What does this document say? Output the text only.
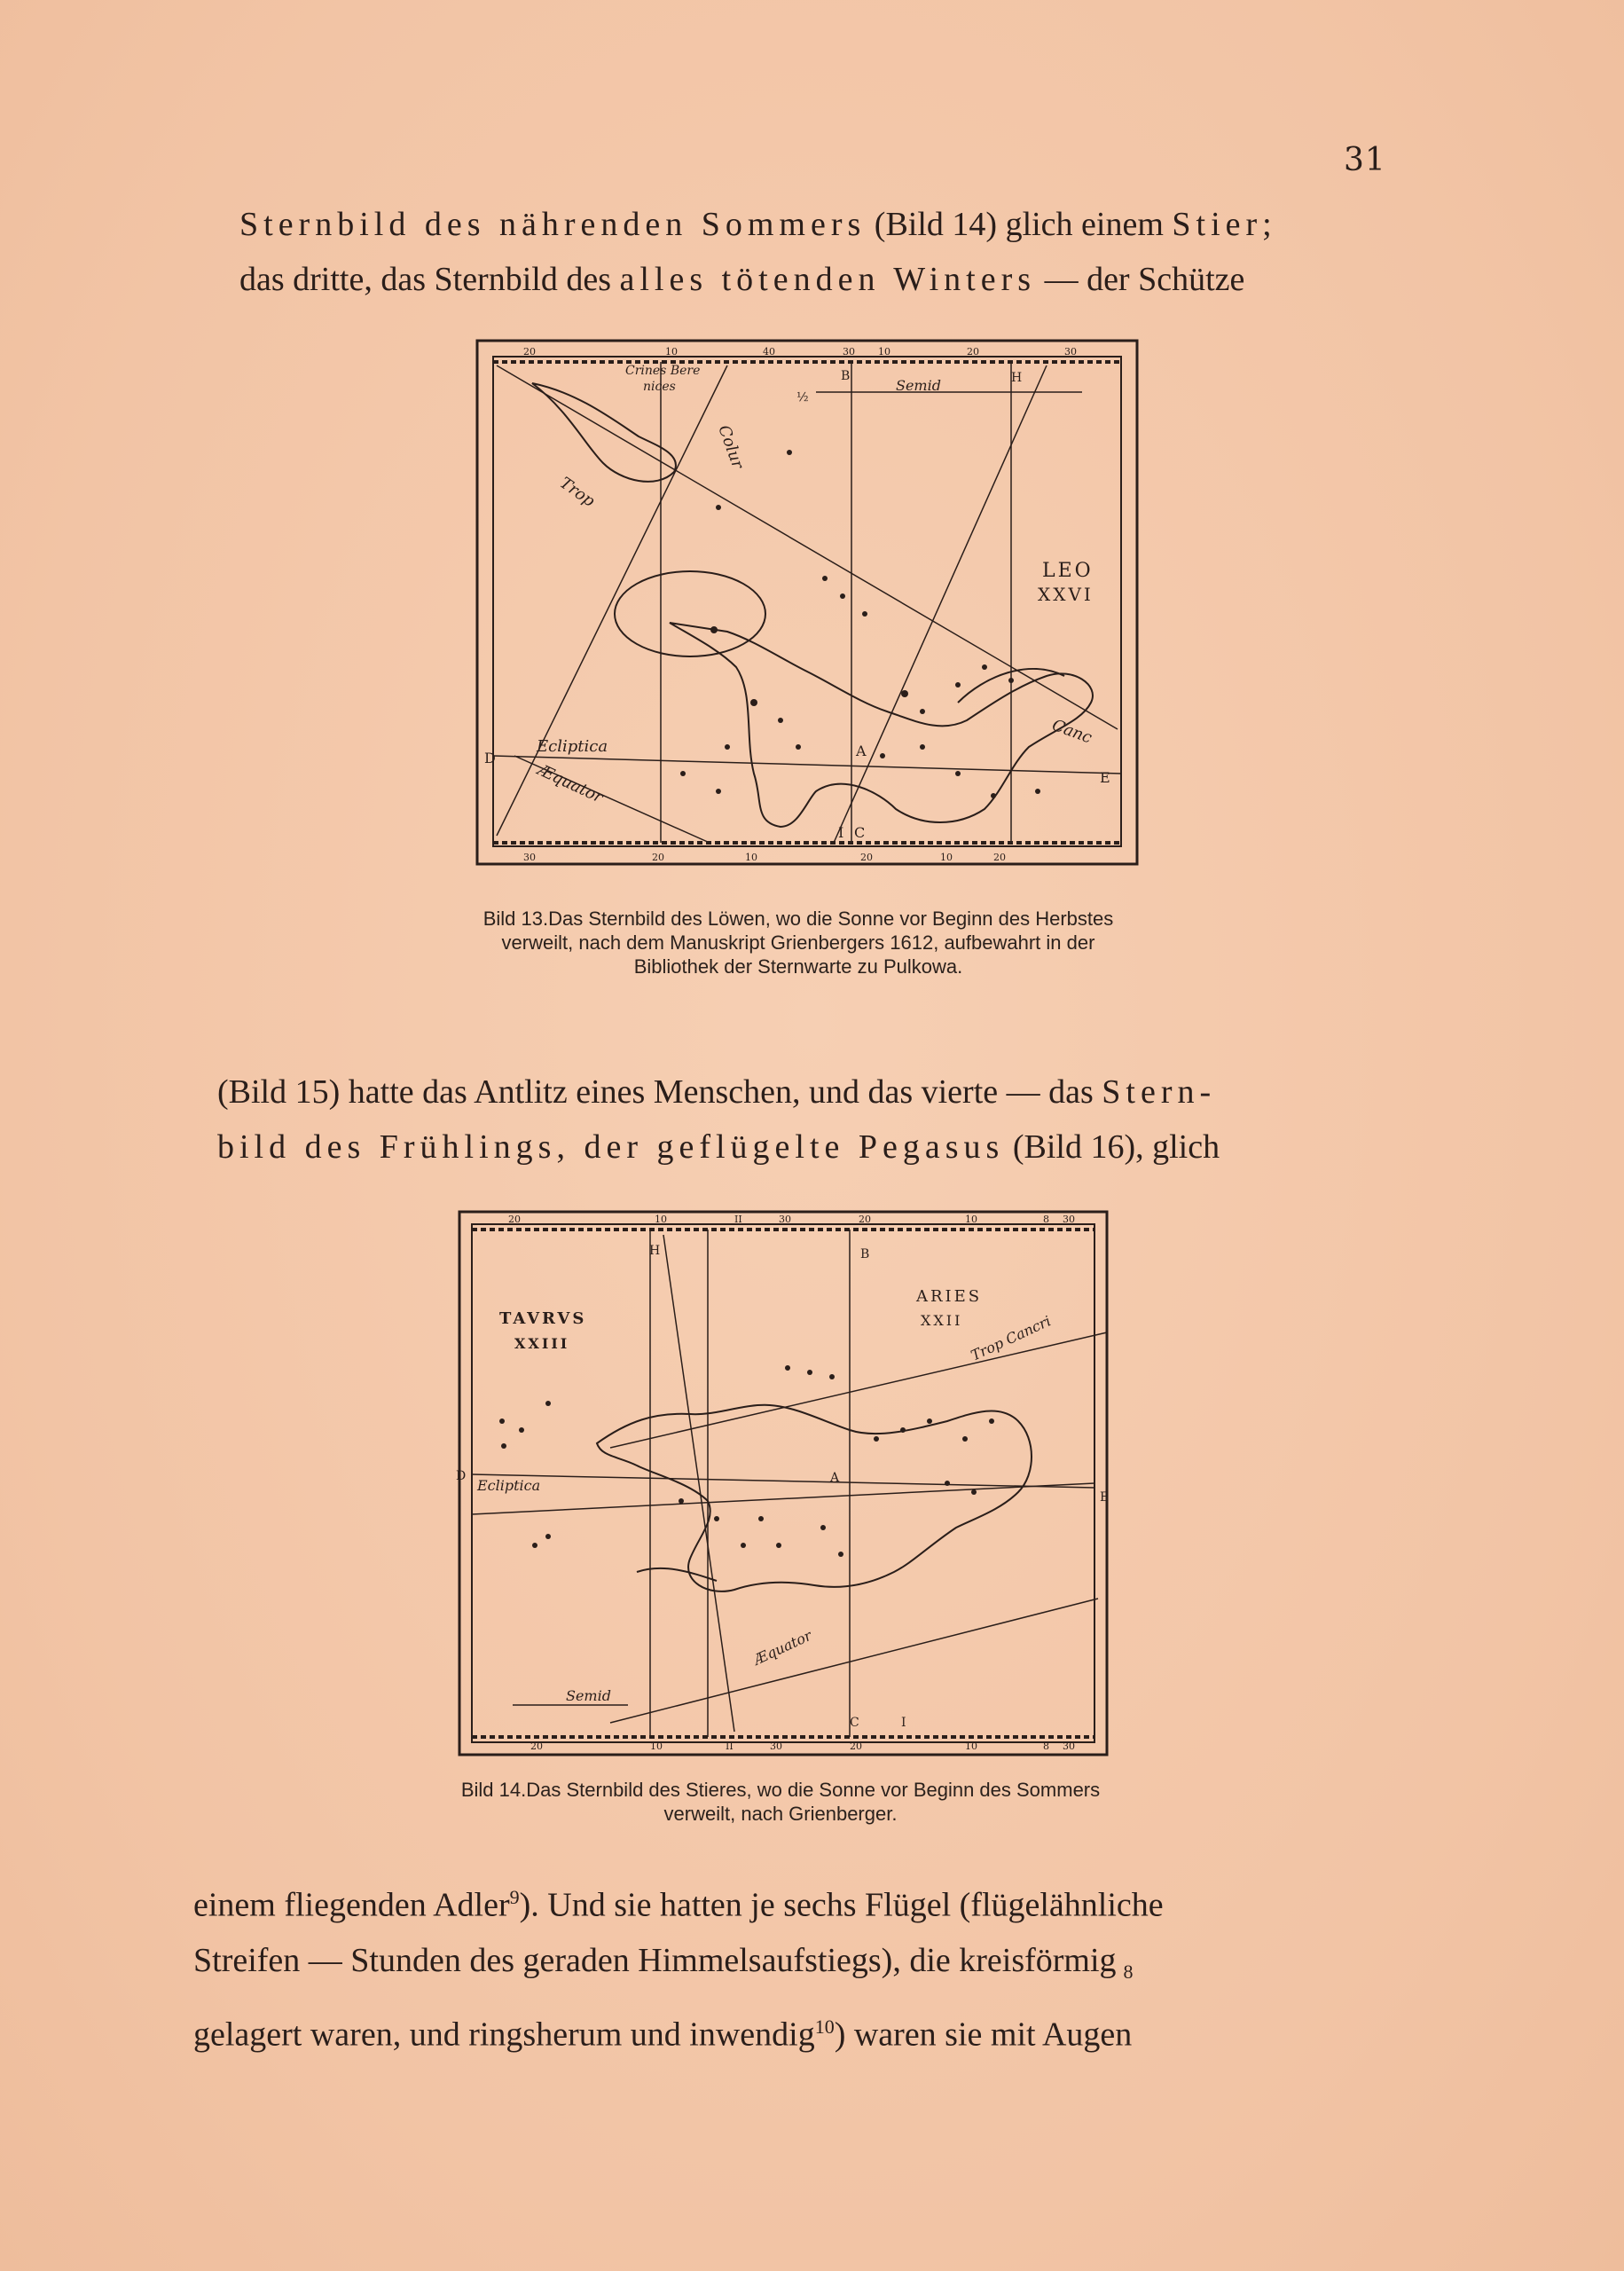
31
Sternbild des nährenden Sommers (Bild 14) glich einem Stier;
das dritte, das Sternbild des alles tötenden Winters — der Schütze
LEO
XXVI
Crines Bere
nices
Colur
Trop
Ecliptica
Æquator
Semid
Canc
B	H
D	A
E
C
I
½
20	10	40	30 10	20	30
30	20	10	20	10	20
Bild 13.Das Sternbild des Löwen, wo die Sonne vor Beginn des Herbstes
verweilt, nach dem Manuskript Grienbergers 1612, aufbewahrt in der
Bibliothek der Sternwarte zu Pulkowa.
(Bild 15) hatte das Antlitz eines Menschen, und das vierte — das Stern-
bild des Frühlings, der geflügelte Pegasus (Bild 16), glich
TAVRVS
XXIII
ARIES
XXII Trop Cancri
Ecliptica
Æquator
Semid
H	B
D	A
E
C	I
20	10	II	30	20	10	8 30
20	10	II	30	20	10	8 30
Bild 14.Das Sternbild des Stieres, wo die Sonne vor Beginn des Sommers
verweilt, nach Grienberger.
einem fliegenden Adler$^9$). Und sie hatten je sechs Flügel (flügelähnliche
Streifen — Stunden des geraden Himmelsaufstiegs), die kreisförmig $_8$
gelagert waren, und ringsherum und inwendig$^{10}$) waren sie mit Augen
